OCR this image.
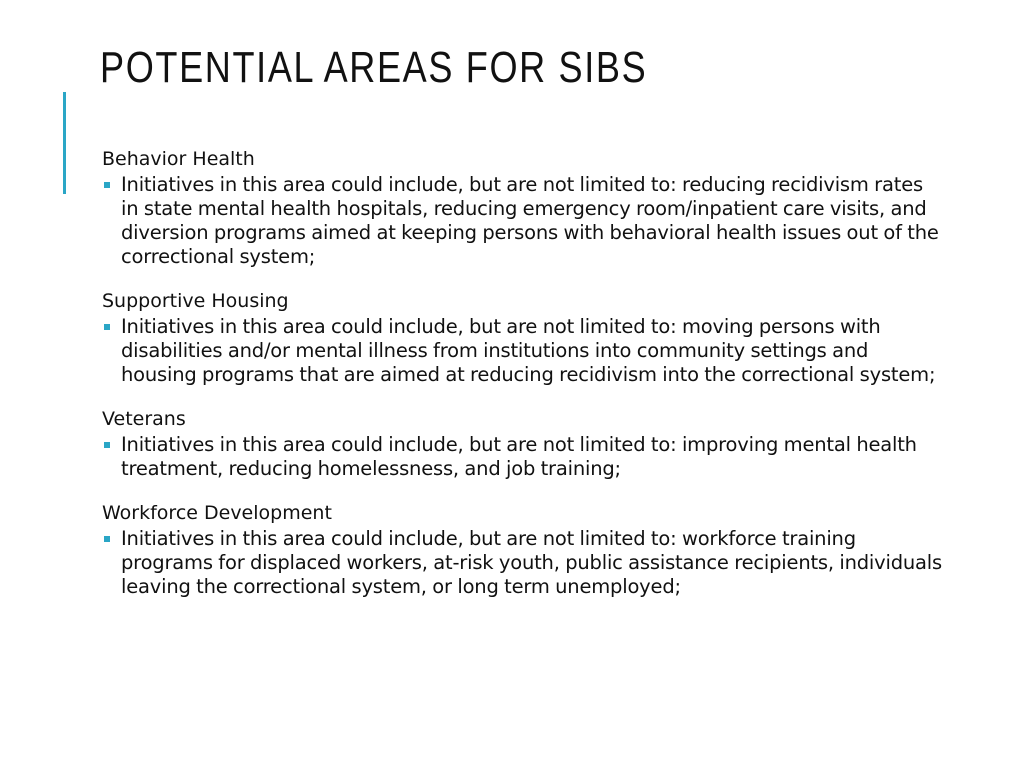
POTENTIAL AREAS FOR SIBS
Behavior Health
Initiatives in this area could include, but are not limited to: reducing recidivism rates in state mental health hospitals, reducing emergency room/inpatient care visits, and diversion programs aimed at keeping persons with behavioral health issues out of the correctional system;
Supportive Housing
Initiatives in this area could include, but are not limited to: moving persons with disabilities and/or mental illness from institutions into community settings and housing programs that are aimed at reducing recidivism into the correctional system;
Veterans
Initiatives in this area could include, but are not limited to: improving mental health treatment, reducing homelessness, and job training;
Workforce Development
Initiatives in this area could include, but are not limited to: workforce training programs for displaced workers, at-risk youth, public assistance recipients, individuals leaving the correctional system, or long term unemployed;
